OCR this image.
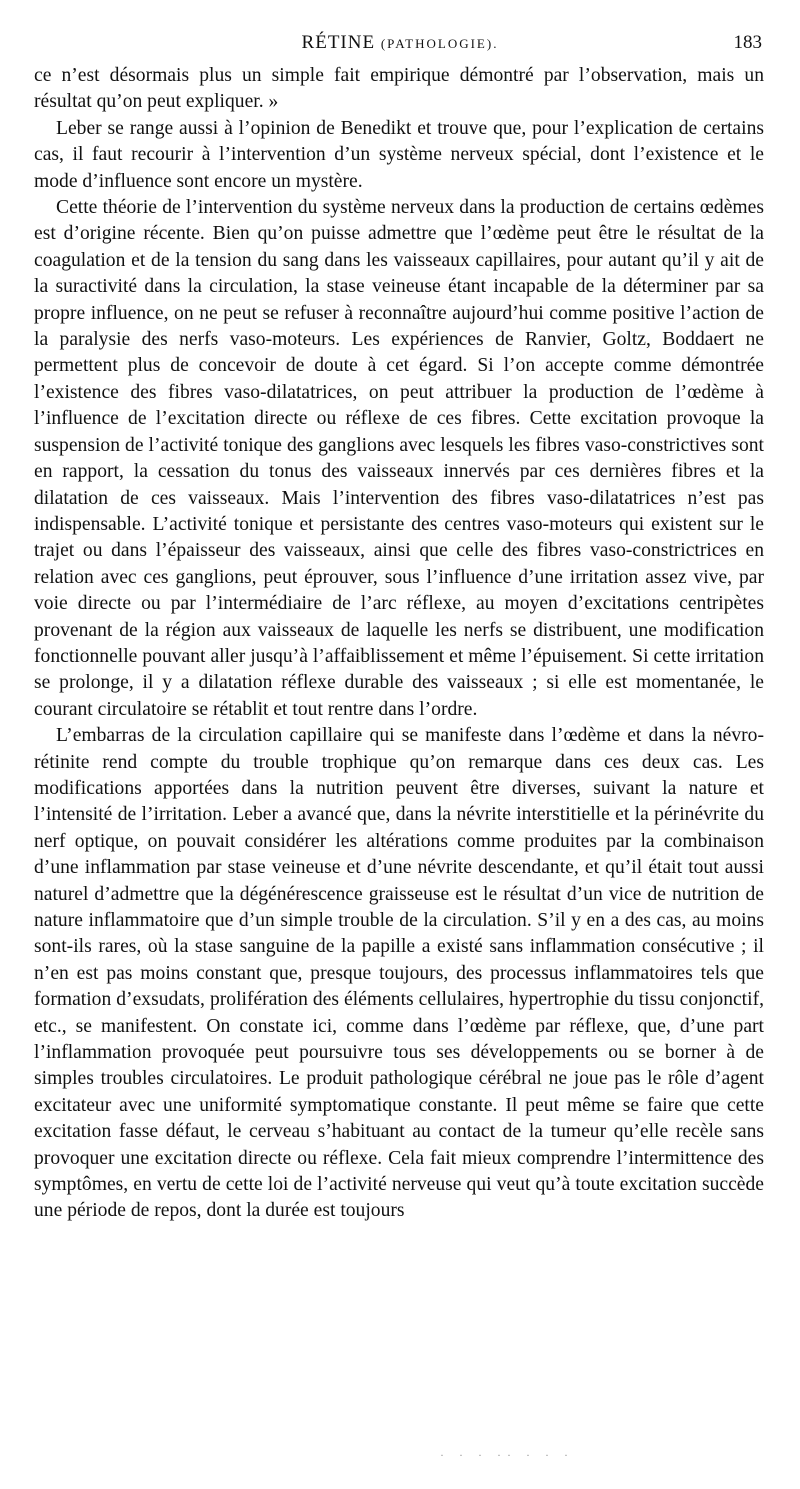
RÉTINE (PATHOLOGIE).	183

ce n’est désormais plus un simple fait empirique démontré par l’observation, mais un résultat qu’on peut expliquer. »

Leber se range aussi à l’opinion de Benedikt et trouve que, pour l’explication de certains cas, il faut recourir à l’intervention d’un système nerveux spécial, dont l’existence et le mode d’influence sont encore un mystère.

Cette théorie de l’intervention du système nerveux dans la production de certains œdèmes est d’origine récente. Bien qu’on puisse admettre que l’œdème peut être le résultat de la coagulation et de la tension du sang dans les vaisseaux capillaires, pour autant qu’il y ait de la suractivité dans la circulation, la stase veineuse étant incapable de la déterminer par sa propre influence, on ne peut se refuser à reconnaître aujourd’hui comme positive l’action de la paralysie des nerfs vaso-moteurs. Les expériences de Ranvier, Goltz, Boddaert ne permettent plus de concevoir de doute à cet égard. Si l’on accepte comme démontrée l’existence des fibres vaso-dilatatrices, on peut attribuer la production de l’œdème à l’influence de l’excitation directe ou réflexe de ces fibres. Cette excitation provoque la suspension de l’activité tonique des ganglions avec lesquels les fibres vaso-constrictives sont en rapport, la cessation du tonus des vaisseaux innervés par ces dernières fibres et la dilatation de ces vaisseaux. Mais l’intervention des fibres vaso-dilatatrices n’est pas indispensable. L’activité tonique et persistante des centres vaso-moteurs qui existent sur le trajet ou dans l’épaisseur des vaisseaux, ainsi que celle des fibres vaso-constrictrices en relation avec ces ganglions, peut éprouver, sous l’influence d’une irritation assez vive, par voie directe ou par l’intermédiaire de l’arc réflexe, au moyen d’excitations centripètes provenant de la région aux vaisseaux de laquelle les nerfs se distribuent, une modification fonctionnelle pouvant aller jusqu’à l’affaiblissement et même l’épuisement. Si cette irritation se prolonge, il y a dilatation réflexe durable des vaisseaux ; si elle est momentanée, le courant circulatoire se rétablit et tout rentre dans l’ordre.

L’embarras de la circulation capillaire qui se manifeste dans l’œdème et dans la névro-rétinite rend compte du trouble trophique qu’on remarque dans ces deux cas. Les modifications apportées dans la nutrition peuvent être diverses, suivant la nature et l’intensité de l’irritation. Leber a avancé que, dans la névrite interstitielle et la périnévrite du nerf optique, on pouvait considérer les altérations comme produites par la combinaison d’une inflammation par stase veineuse et d’une névrite descendante, et qu’il était tout aussi naturel d’admettre que la dégénérescence graisseuse est le résultat d’un vice de nutrition de nature inflammatoire que d’un simple trouble de la circulation. S’il y en a des cas, au moins sont-ils rares, où la stase sanguine de la papille a existé sans inflammation consécutive ; il n’en est pas moins constant que, presque toujours, des processus inflammatoires tels que formation d’exsudats, prolifération des éléments cellulaires, hypertrophie du tissu conjonctif, etc., se manifestent. On constate ici, comme dans l’œdème par réflexe, que, d’une part l’inflammation provoquée peut poursuivre tous ses développements ou se borner à de simples troubles circulatoires. Le produit pathologique cérébral ne joue pas le rôle d’agent excitateur avec une uniformité symptomatique constante. Il peut même se faire que cette excitation fasse défaut, le cerveau s’habituant au contact de la tumeur qu’elle recèle sans provoquer une excitation directe ou réflexe. Cela fait mieux comprendre l’intermittence des symptômes, en vertu de cette loi de l’activité nerveuse qui veut qu’à toute excitation succède une période de repos, dont la durée est toujours

· · · ·· · · ·
